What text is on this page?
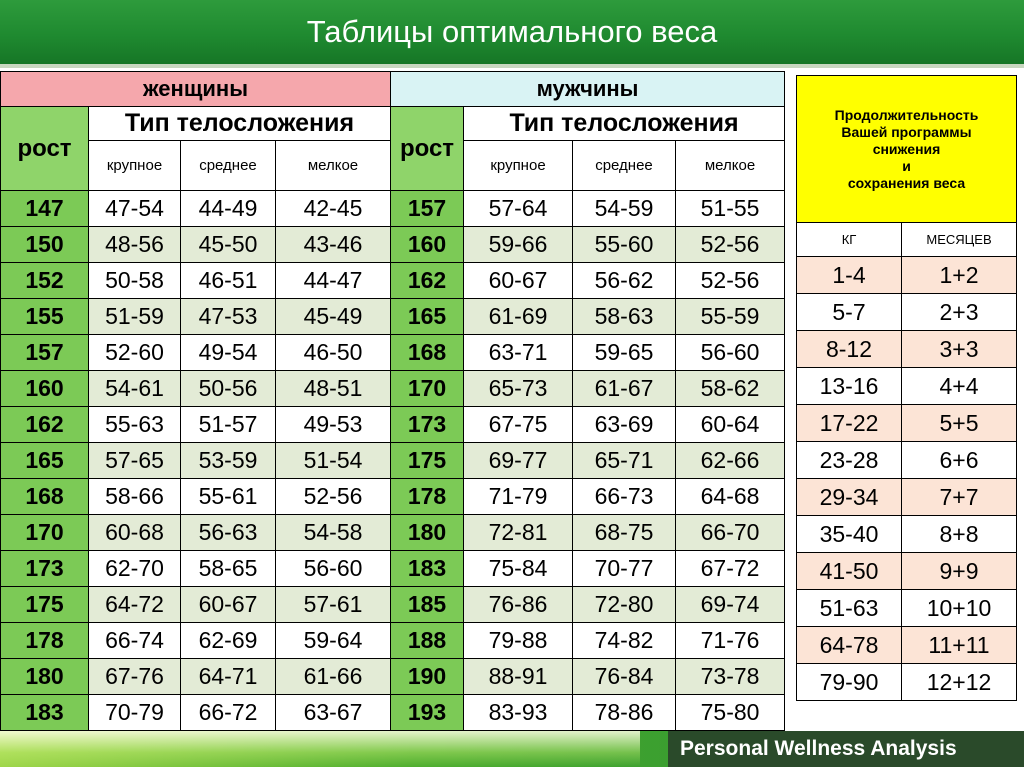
Таблицы оптимального веса
женщины				мужчины			
рост	Тип телосложения			рост	Тип телосложения		
	крупное	среднее	мелкое		крупное	среднее	мелкое
147	47-54	44-49	42-45	157	57-64	54-59	51-55
150	48-56	45-50	43-46	160	59-66	55-60	52-56
152	50-58	46-51	44-47	162	60-67	56-62	52-56
155	51-59	47-53	45-49	165	61-69	58-63	55-59
157	52-60	49-54	46-50	168	63-71	59-65	56-60
160	54-61	50-56	48-51	170	65-73	61-67	58-62
162	55-63	51-57	49-53	173	67-75	63-69	60-64
165	57-65	53-59	51-54	175	69-77	65-71	62-66
168	58-66	55-61	52-56	178	71-79	66-73	64-68
170	60-68	56-63	54-58	180	72-81	68-75	66-70
173	62-70	58-65	56-60	183	75-84	70-77	67-72
175	64-72	60-67	57-61	185	76-86	72-80	69-74
178	66-74	62-69	59-64	188	79-88	74-82	71-76
180	67-76	64-71	61-66	190	88-91	76-84	73-78
183	70-79	66-72	63-67	193	83-93	78-86	75-80
Продолжительность
Вашей программы
снижения
и
сохранения веса	
КГ	МЕСЯЦЕВ
1-4	1+2
5-7	2+3
8-12	3+3
13-16	4+4
17-22	5+5
23-28	6+6
29-34	7+7
35-40	8+8
41-50	9+9
51-63	10+10
64-78	11+11
79-90	12+12
Personal Wellness Analysis
